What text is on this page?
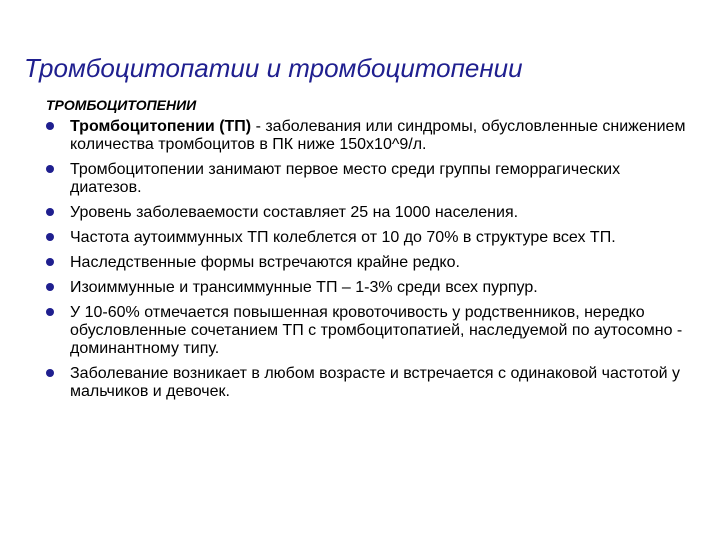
Тромбоцитопатии и тромбоцитопении
ТРОМБОЦИТОПЕНИИ
Тромбоцитопении (ТП) - заболевания или синдромы, обусловленные снижением количества тромбоцитов в ПК ниже 150х10^9/л.
Тромбоцитопении занимают первое место среди группы геморрагических диатезов.
Уровень заболеваемости составляет 25 на 1000 населения.
Частота аутоиммунных ТП колеблется от 10 до 70% в структуре всех ТП.
Наследственные формы встречаются крайне редко.
Изоиммунные и трансиммунные ТП – 1-3% среди всех пурпур.
У 10-60% отмечается повышенная кровоточивость у родственников, нередко обусловленные сочетанием ТП с тромбоцитопатией, наследуемой по аутосомно - доминантному типу.
Заболевание возникает в любом возрасте и встречается с одинаковой частотой у мальчиков и девочек.
